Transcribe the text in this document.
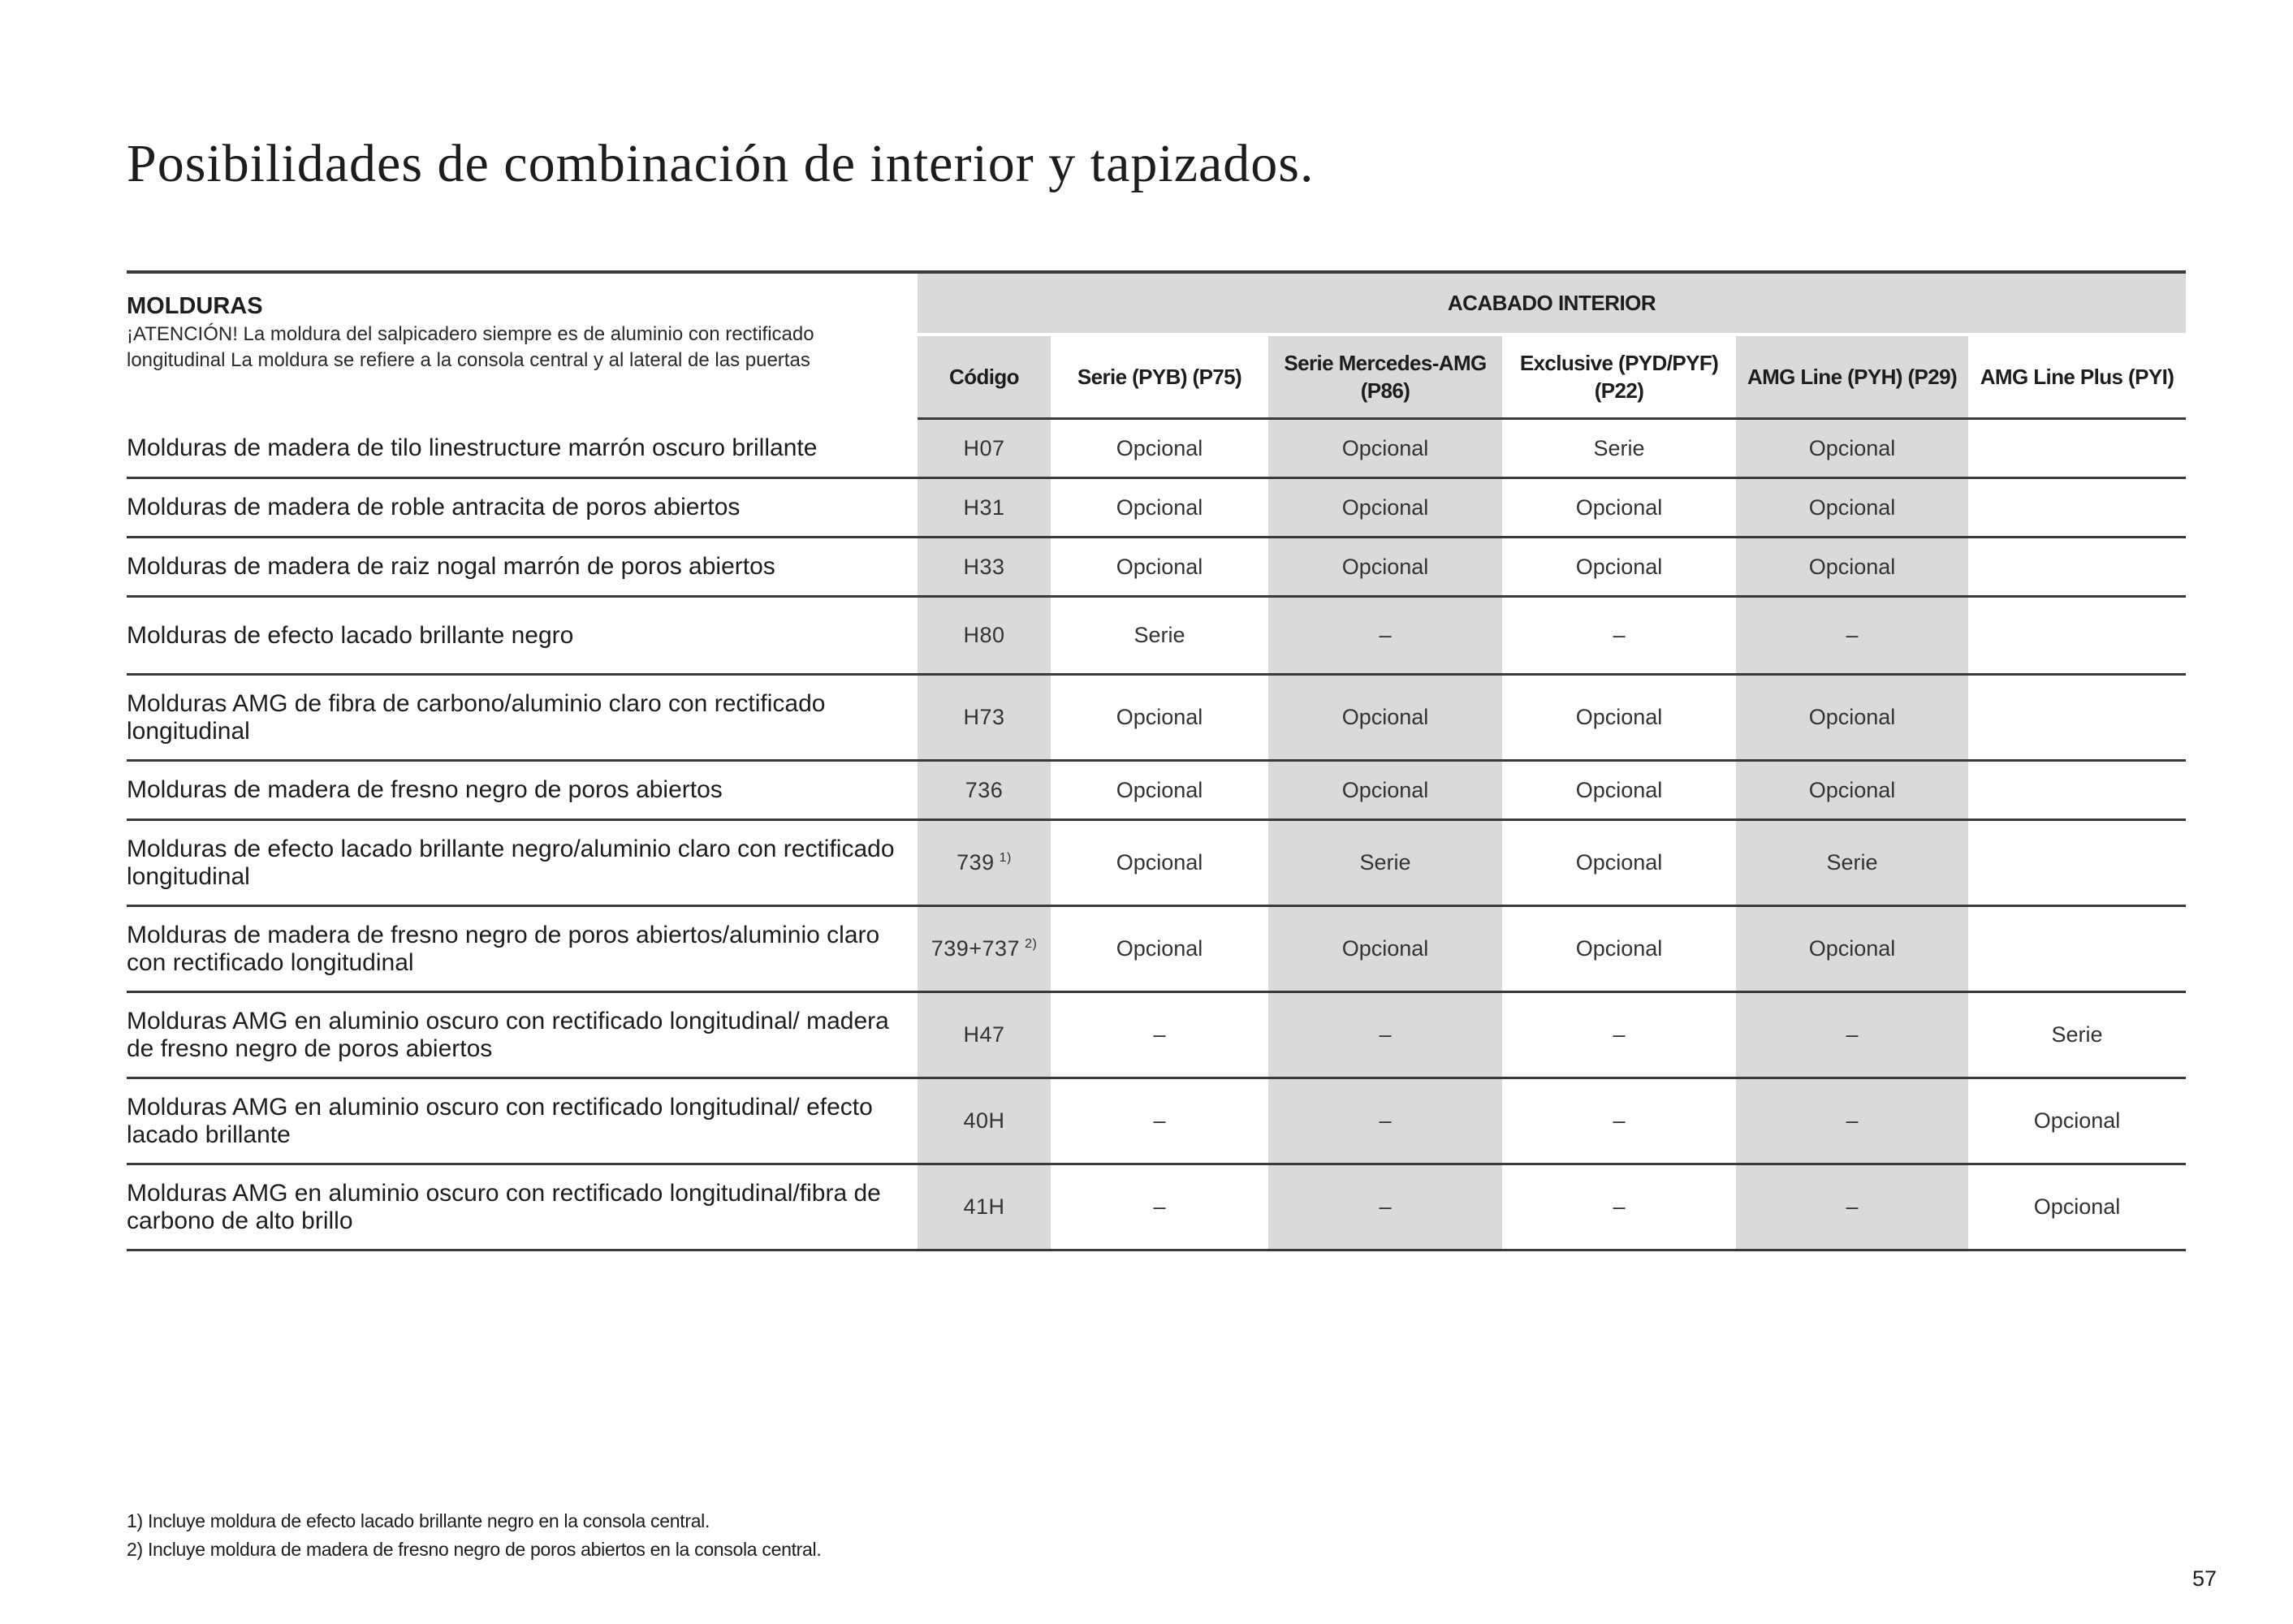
Posibilidades de combinación de interior y tapizados.
MOLDURAS
¡ATENCIÓN! La moldura del salpicadero siempre es de aluminio con rectificado longitudinal La moldura se refiere a la consola central y al lateral de las puertas	ACABADO INTERIOR					
	Código	Serie (PYB) (P75)	Serie Mercedes-AMG (P86)	Exclusive (PYD/PYF) (P22)	AMG Line (PYH) (P29)	AMG Line Plus (PYI)
Molduras de madera de tilo linestructure marrón oscuro brillante	H07	Opcional	Opcional	Serie	Opcional	
Molduras de madera de roble antracita de poros abiertos	H31	Opcional	Opcional	Opcional	Opcional	
Molduras de madera de raiz nogal marrón de poros abiertos	H33	Opcional	Opcional	Opcional	Opcional	
Molduras de efecto lacado brillante negro	H80	Serie	–	–	–	
Molduras AMG de fibra de carbono/aluminio claro con rectificado longitudinal	H73	Opcional	Opcional	Opcional	Opcional	
Molduras de madera de fresno negro de poros abiertos	736	Opcional	Opcional	Opcional	Opcional	
Molduras de efecto lacado brillante negro/aluminio claro con rectificado longitudinal	739 $^{1)}$	Opcional	Serie	Opcional	Serie	
Molduras de madera de fresno negro de poros abiertos/aluminio claro con rectificado longitudinal	739+737 $^{2)}$	Opcional	Opcional	Opcional	Opcional	
Molduras AMG en aluminio oscuro con rectificado longitudinal/ madera de fresno negro de poros abiertos	H47	–	–	–	–	Serie
Molduras AMG en aluminio oscuro con rectificado longitudinal/ efecto lacado brillante	40H	–	–	–	–	Opcional
Molduras AMG en aluminio oscuro con rectificado longitudinal/fibra de carbono de alto brillo	41H	–	–	–	–	Opcional
1) Incluye moldura de efecto lacado brillante negro en la consola central.
2) Incluye moldura de madera de fresno negro de poros abiertos en la consola central.
57
